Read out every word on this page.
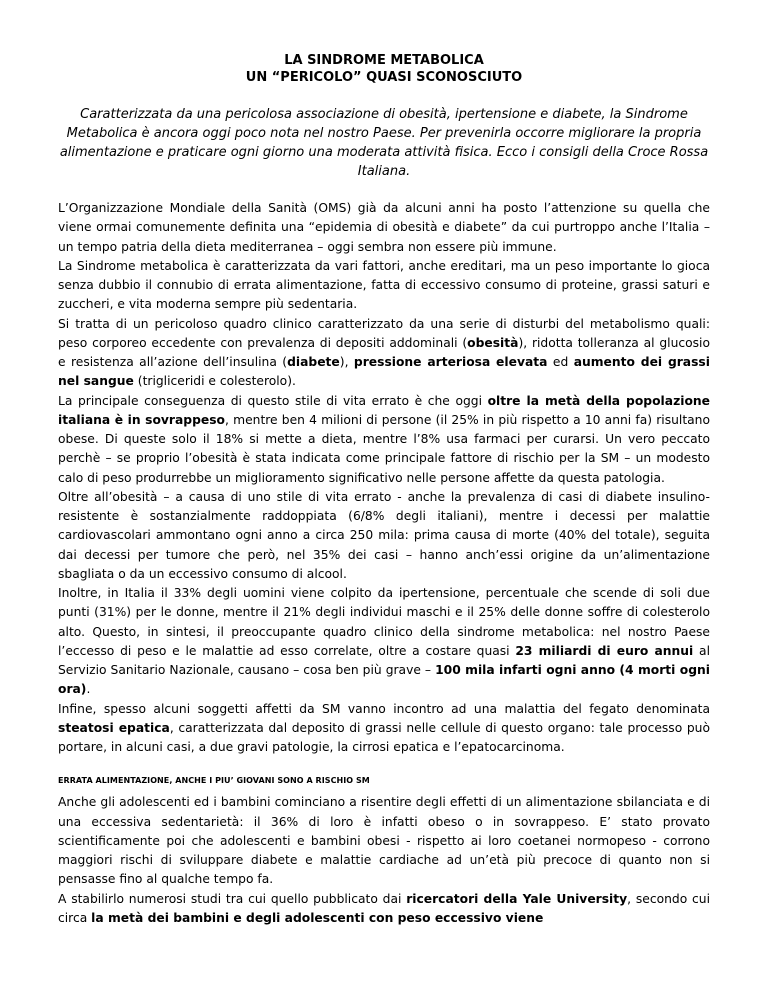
LA SINDROME METABOLICA
UN “PERICOLO” QUASI SCONOSCIUTO

Caratterizzata da una pericolosa associazione di obesità, ipertensione e diabete, la Sindrome Metabolica è ancora oggi poco nota nel nostro Paese. Per prevenirla occorre migliorare la propria alimentazione e praticare ogni giorno una moderata attività fisica. Ecco i consigli della Croce Rossa Italiana.

L’Organizzazione Mondiale della Sanità (OMS) già da alcuni anni ha posto l’attenzione su quella che viene ormai comunemente definita una “epidemia di obesità e diabete” da cui purtroppo anche l’Italia – un tempo patria della dieta mediterranea – oggi sembra non essere più immune.

La Sindrome metabolica è caratterizzata da vari fattori, anche ereditari, ma un peso importante lo gioca senza dubbio il connubio di errata alimentazione, fatta di eccessivo consumo di proteine, grassi saturi e zuccheri, e vita moderna sempre più sedentaria.

Si tratta di un pericoloso quadro clinico caratterizzato da una serie di disturbi del metabolismo quali: peso corporeo eccedente con prevalenza di depositi addominali (obesità), ridotta tolleranza al glucosio e resistenza all’azione dell’insulina (diabete), pressione arteriosa elevata ed aumento dei grassi nel sangue (trigliceridi e colesterolo).

La principale conseguenza di questo stile di vita errato è che oggi oltre la metà della popolazione italiana è in sovrappeso, mentre ben 4 milioni di persone (il 25% in più rispetto a 10 anni fa) risultano obese. Di queste solo il 18% si mette a dieta, mentre l’8% usa farmaci per curarsi. Un vero peccato perchè – se proprio l’obesità è stata indicata come principale fattore di rischio per la SM – un modesto calo di peso produrrebbe un miglioramento significativo nelle persone affette da questa patologia.

Oltre all’obesità – a causa di uno stile di vita errato - anche la prevalenza di casi di diabete insulino-resistente è sostanzialmente raddoppiata (6/8% degli italiani), mentre i decessi per malattie cardiovascolari ammontano ogni anno a circa 250 mila: prima causa di morte (40% del totale), seguita dai decessi per tumore che però, nel 35% dei casi – hanno anch’essi origine da un’alimentazione sbagliata o da un eccessivo consumo di alcool.

Inoltre, in Italia il 33% degli uomini viene colpito da ipertensione, percentuale che scende di soli due punti (31%) per le donne, mentre il 21% degli individui maschi e il 25% delle donne soffre di colesterolo alto. Questo, in sintesi, il preoccupante quadro clinico della sindrome metabolica: nel nostro Paese l’eccesso di peso e le malattie ad esso correlate, oltre a costare quasi 23 miliardi di euro annui al Servizio Sanitario Nazionale, causano – cosa ben più grave – 100 mila infarti ogni anno (4 morti ogni ora).

Infine, spesso alcuni soggetti affetti da SM vanno incontro ad una malattia del fegato denominata steatosi epatica, caratterizzata dal deposito di grassi nelle cellule di questo organo: tale processo può portare, in alcuni casi, a due gravi patologie, la cirrosi epatica e l’epatocarcinoma.

ERRATA ALIMENTAZIONE, ANCHE I PIU’ GIOVANI SONO A RISCHIO SM

Anche gli adolescenti ed i bambini cominciano a risentire degli effetti di un alimentazione sbilanciata e di una eccessiva sedentarietà: il 36% di loro è infatti obeso o in sovrappeso. E’ stato provato scientificamente poi che adolescenti e bambini obesi - rispetto ai loro coetanei normopeso - corrono maggiori rischi di sviluppare diabete e malattie cardiache ad un’età più precoce di quanto non si pensasse fino al qualche tempo fa.

A stabilirlo numerosi studi tra cui quello pubblicato dai ricercatori della Yale University, secondo cui circa la metà dei bambini e degli adolescenti con peso eccessivo viene
